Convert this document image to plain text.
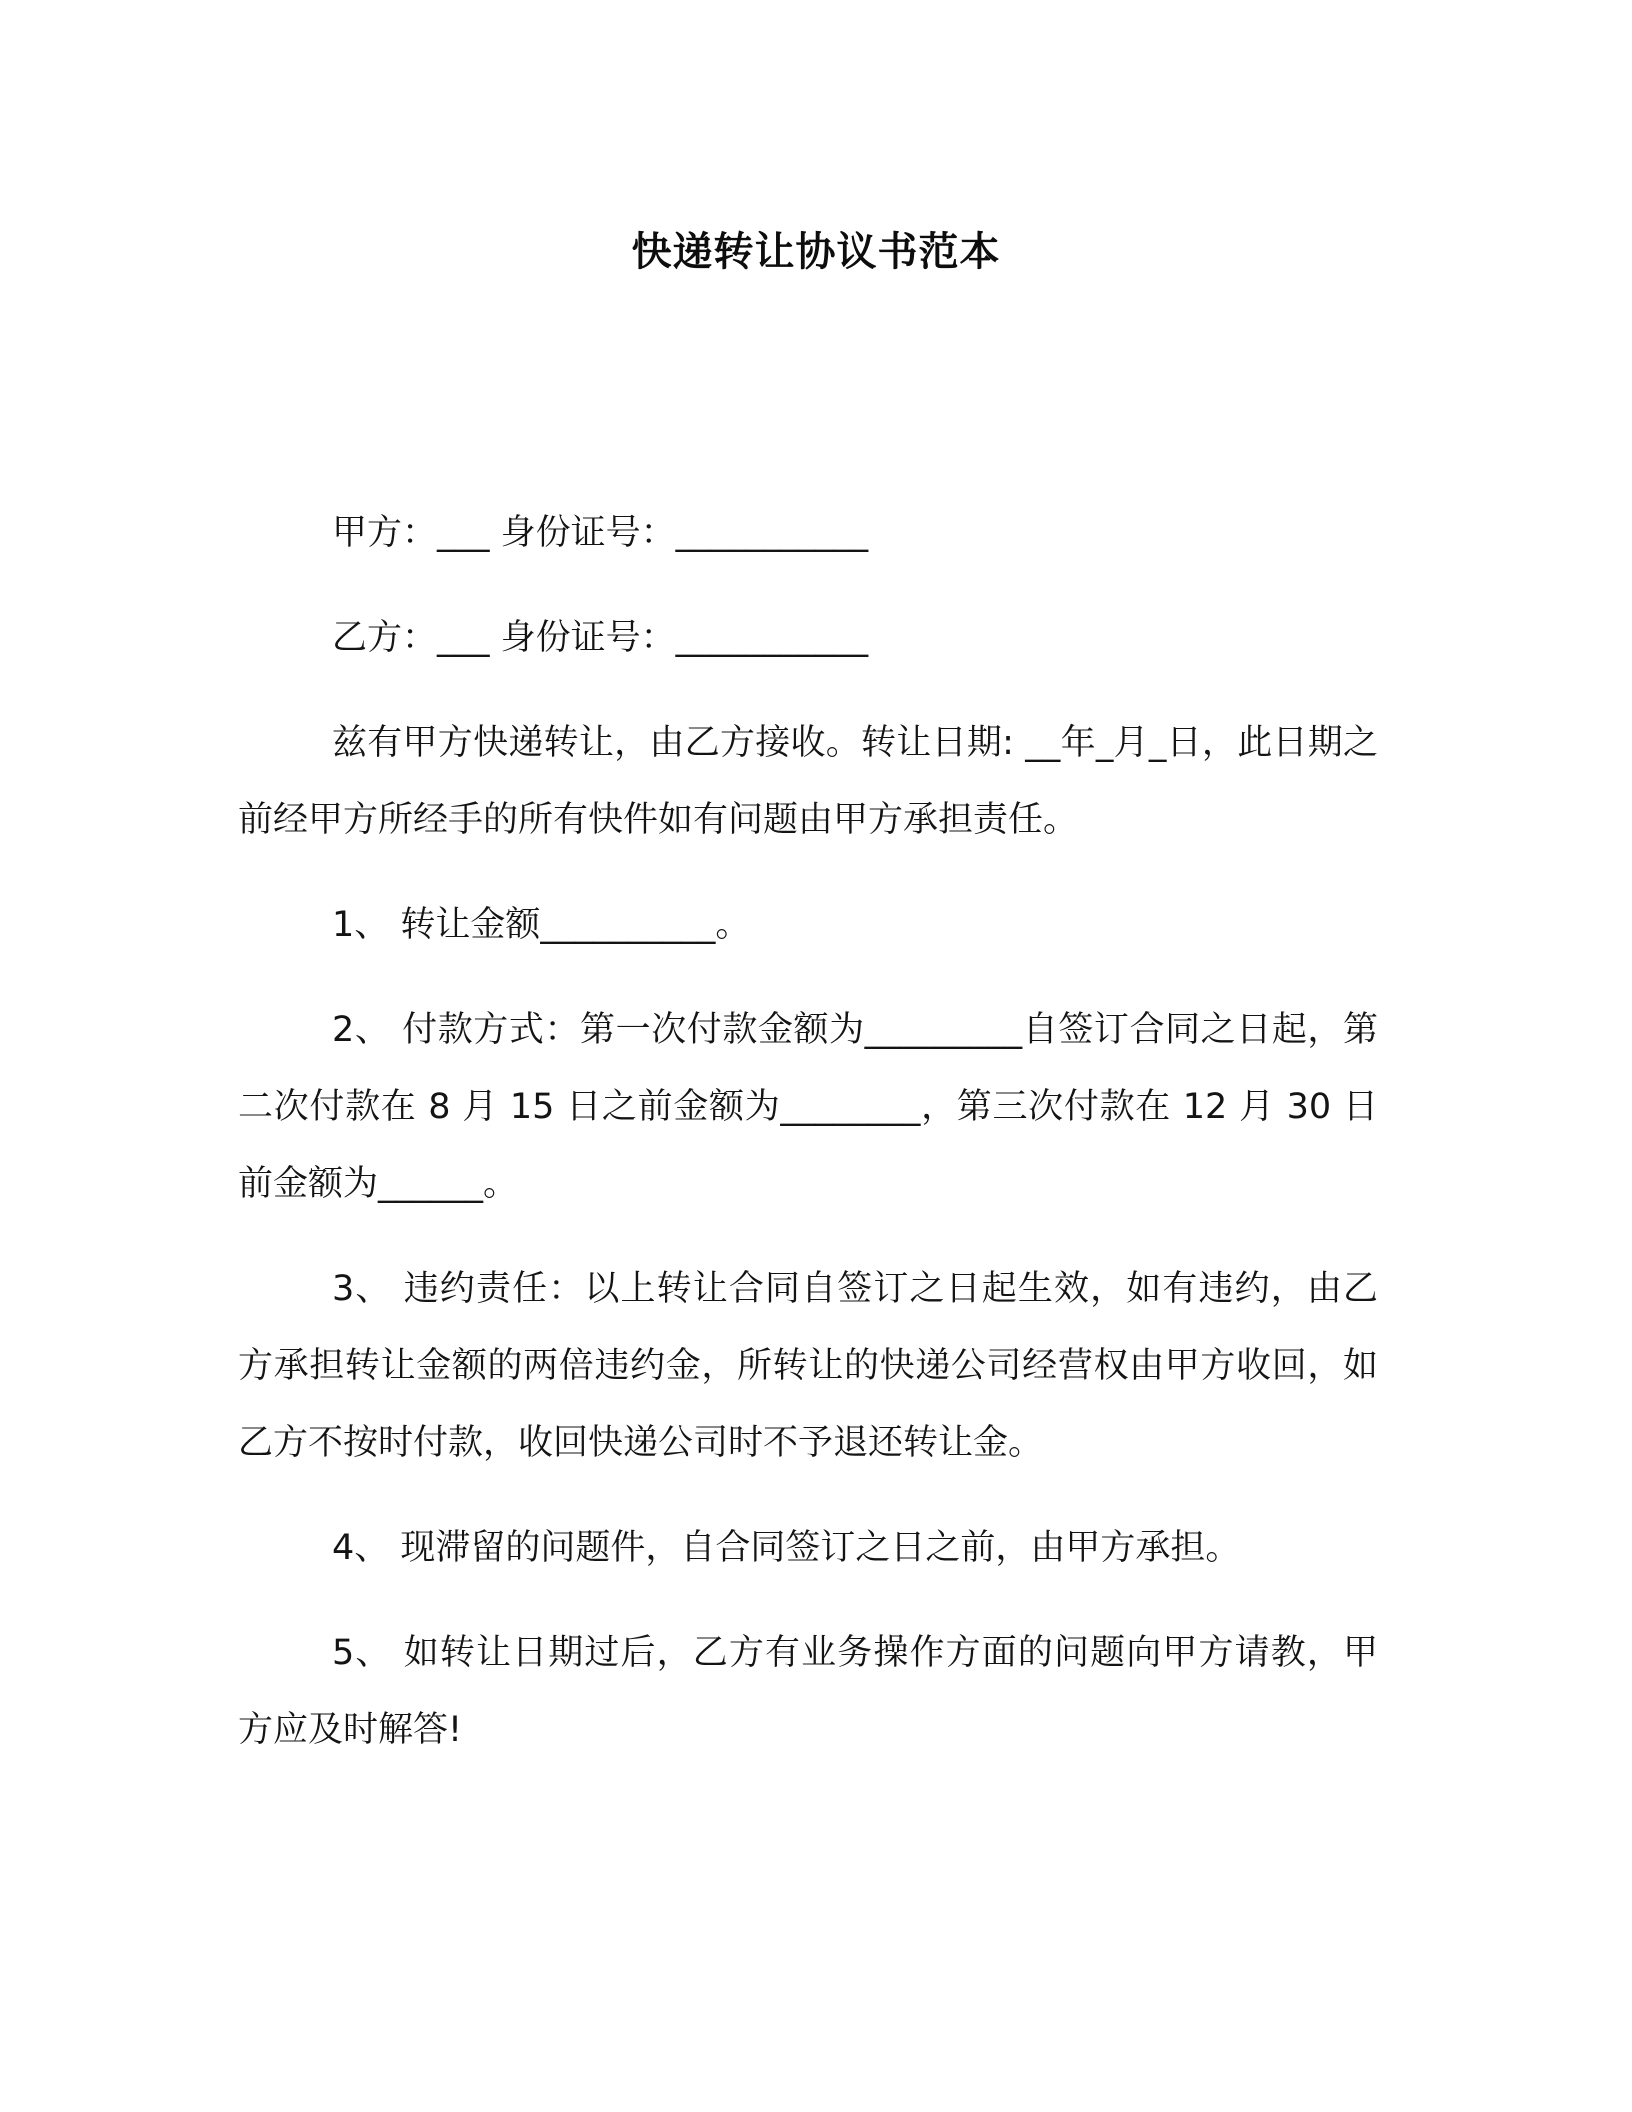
快递转让协议书范本

甲方：___ 身份证号：___________

乙方：___ 身份证号：___________

兹有甲方快递转让，由乙方接收。转让日期: __年_月_日，此日期之前经甲方所经手的所有快件如有问题由甲方承担责任。

1、 转让金额__________。

2、 付款方式：第一次付款金额为_________自签订合同之日起，第二次付款在 8 月 15 日之前金额为________，第三次付款在 12 月 30 日前金额为______。

3、 违约责任：以上转让合同自签订之日起生效，如有违约，由乙方承担转让金额的两倍违约金，所转让的快递公司经营权由甲方收回，如乙方不按时付款，收回快递公司时不予退还转让金。

4、 现滞留的问题件，自合同签订之日之前，由甲方承担。

5、 如转让日期过后，乙方有业务操作方面的问题向甲方请教，甲方应及时解答!
